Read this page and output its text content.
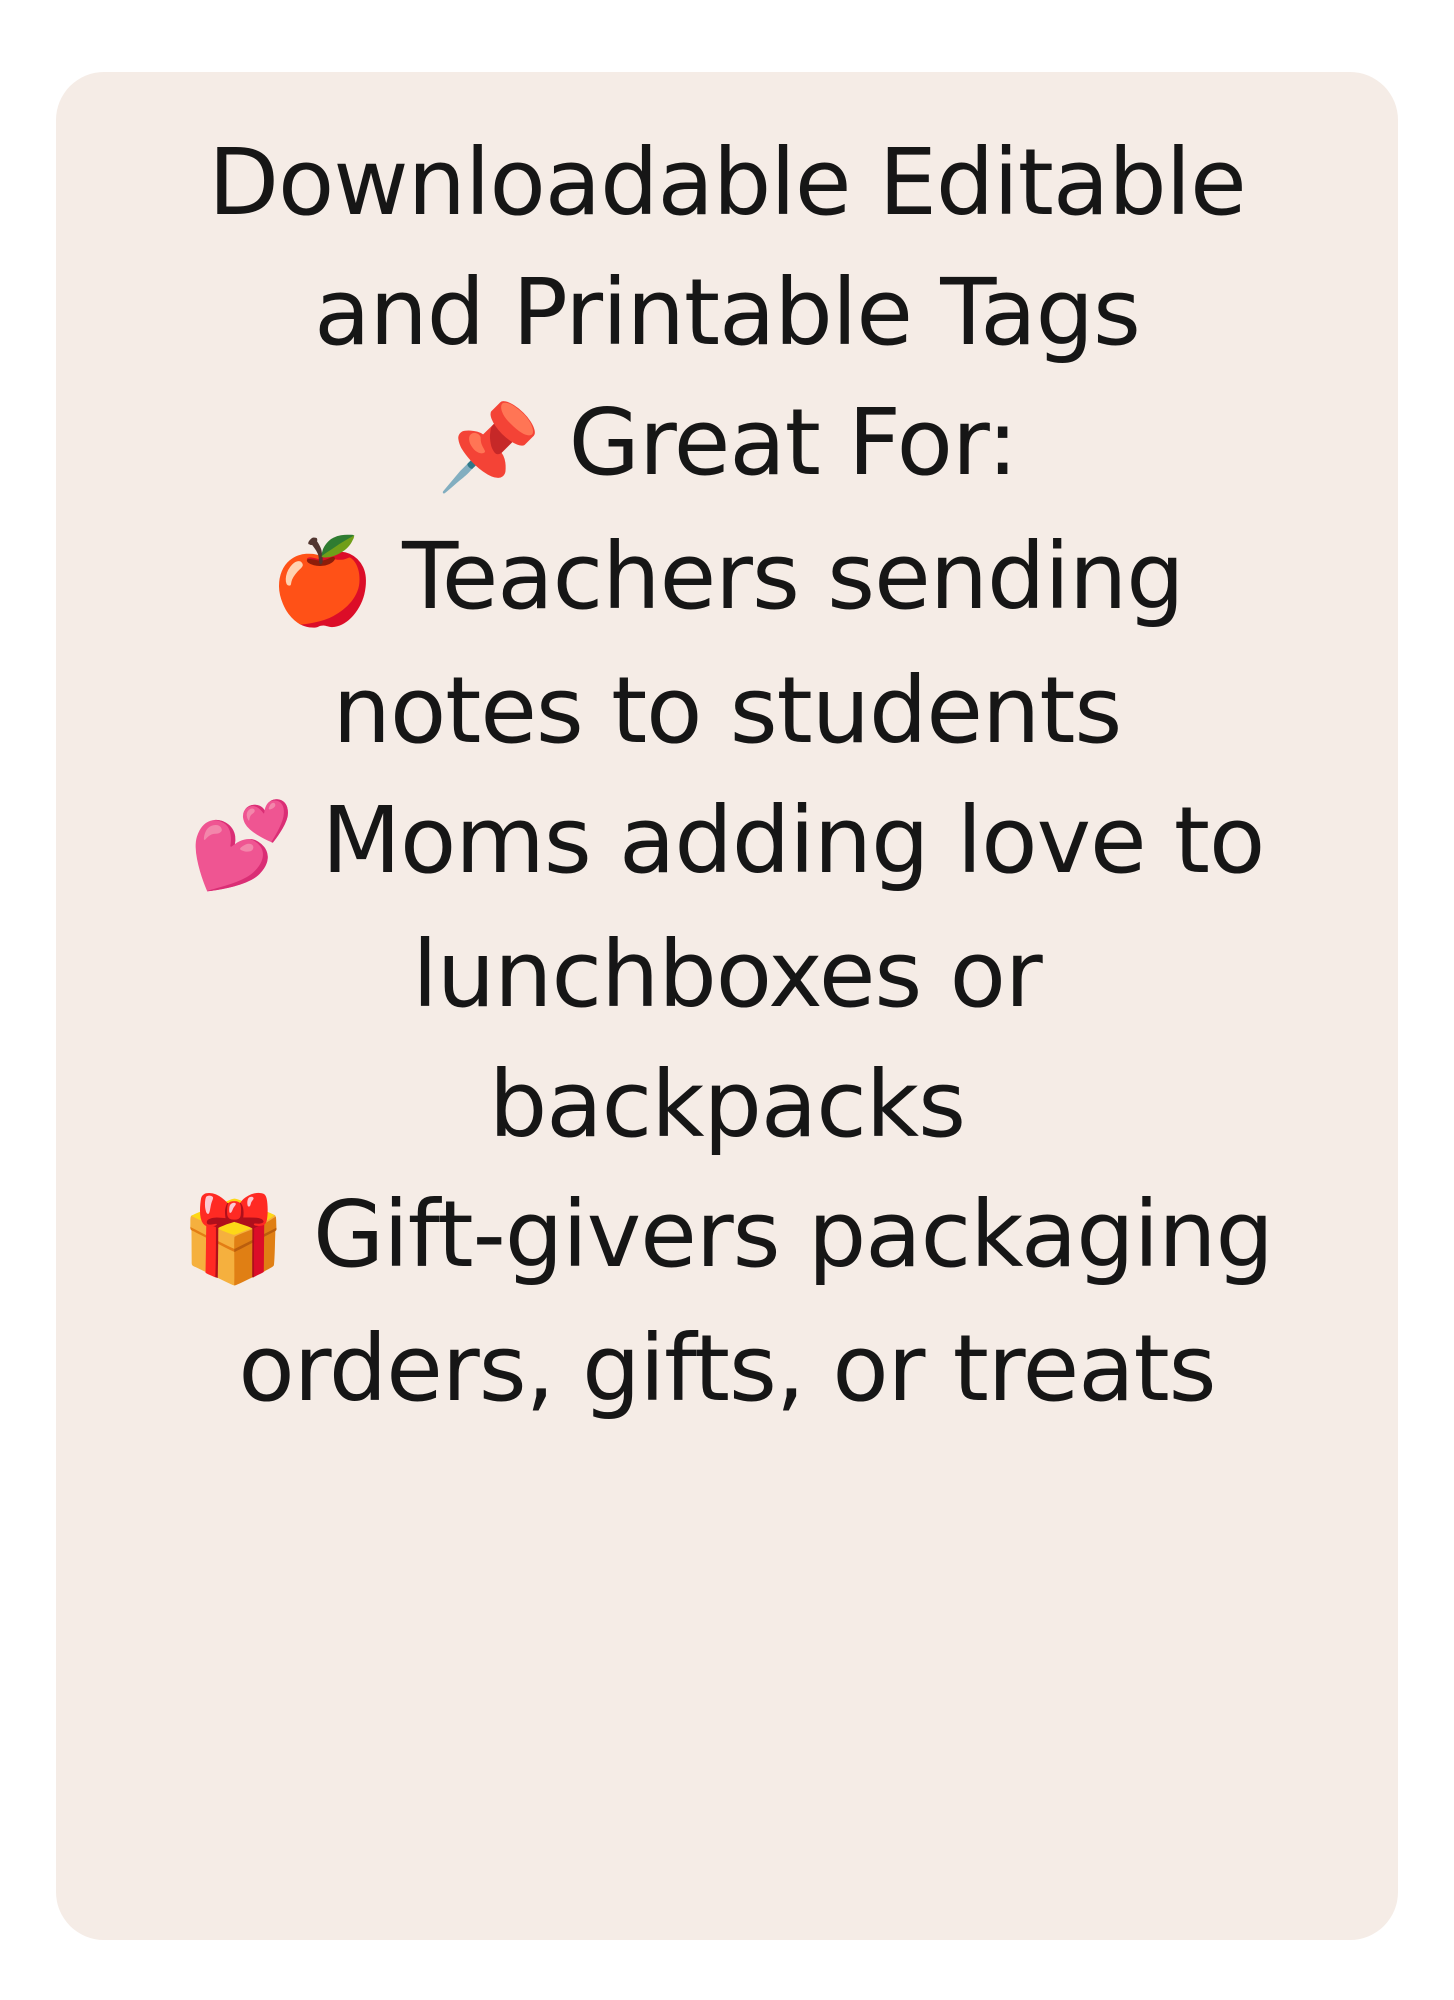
Downloadable Editable
and Printable Tags
📌 Great For:
🍎 Teachers sending
notes to students
💕 Moms adding love to
lunchboxes or
backpacks
🎁 Gift-givers packaging
orders, gifts, or treats
